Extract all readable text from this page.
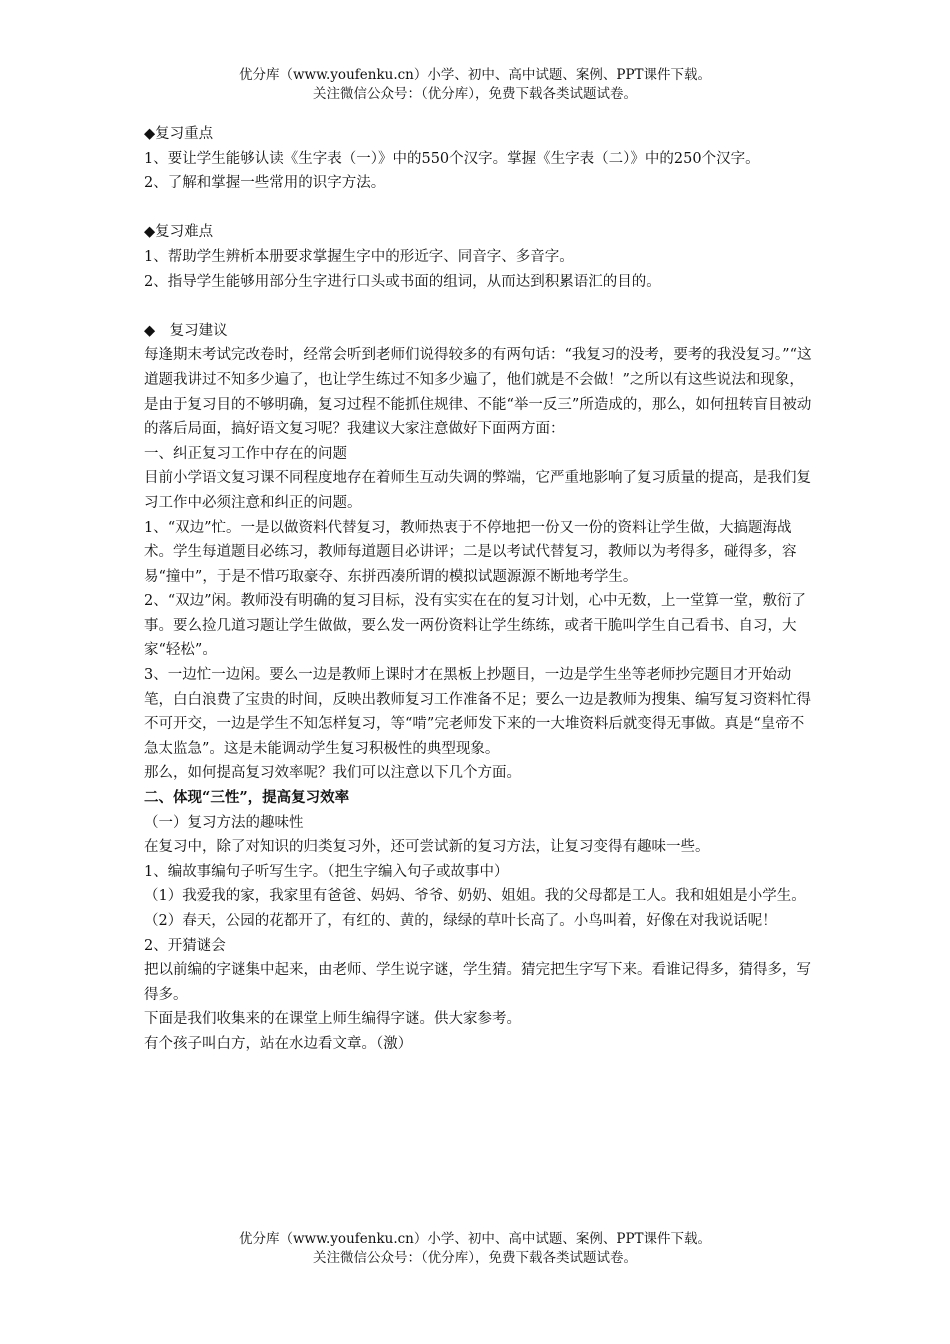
优分库（www.youfenku.cn）小学、初中、高中试题、案例、PPT课件下载。
关注微信公众号：（优分库），免费下载各类试题试卷。

◆复习重点

1、要让学生能够认读《生字表（一）》中的550个汉字。掌握《生字表（二）》中的250个汉字。

2、了解和掌握一些常用的识字方法。

◆复习难点

1、帮助学生辨析本册要求掌握生字中的形近字、同音字、多音字。

2、指导学生能够用部分生字进行口头或书面的组词，从而达到积累语汇的目的。

◆　复习建议

每逢期末考试完改卷时，经常会听到老师们说得较多的有两句话：“我复习的没考，要考的我没复习。”“这道题我讲过不知多少遍了，也让学生练过不知多少遍了，他们就是不会做！”之所以有这些说法和现象，是由于复习目的不够明确，复习过程不能抓住规律、不能“举一反三”所造成的，那么，如何扭转盲目被动的落后局面，搞好语文复习呢？我建议大家注意做好下面两方面：

一、纠正复习工作中存在的问题

目前小学语文复习课不同程度地存在着师生互动失调的弊端，它严重地影响了复习质量的提高，是我们复习工作中必须注意和纠正的问题。

1、“双边”忙。一是以做资料代替复习，教师热衷于不停地把一份又一份的资料让学生做，大搞题海战术。学生每道题目必练习，教师每道题目必讲评；二是以考试代替复习，教师以为考得多，碰得多，容易“撞中”，于是不惜巧取豪夺、东拼西凑所谓的模拟试题源源不断地考学生。

2、“双边”闲。教师没有明确的复习目标，没有实实在在的复习计划，心中无数，上一堂算一堂，敷衍了事。要么捡几道习题让学生做做，要么发一两份资料让学生练练，或者干脆叫学生自己看书、自习，大家“轻松”。

3、一边忙一边闲。要么一边是教师上课时才在黑板上抄题目，一边是学生坐等老师抄完题目才开始动笔，白白浪费了宝贵的时间，反映出教师复习工作准备不足；要么一边是教师为搜集、编写复习资料忙得不可开交，一边是学生不知怎样复习，等“啃”完老师发下来的一大堆资料后就变得无事做。真是“皇帝不急太监急”。这是未能调动学生复习积极性的典型现象。

那么，如何提高复习效率呢？我们可以注意以下几个方面。

二、体现“三性”，提高复习效率

（一）复习方法的趣味性

在复习中，除了对知识的归类复习外，还可尝试新的复习方法，让复习变得有趣味一些。

1、编故事编句子听写生字。（把生字编入句子或故事中）

（1）我爱我的家，我家里有爸爸、妈妈、爷爷、奶奶、姐姐。我的父母都是工人。我和姐姐是小学生。

（2）春天，公园的花都开了，有红的、黄的，绿绿的草叶长高了。小鸟叫着，好像在对我说话呢！

2、开猜谜会

把以前编的字谜集中起来，由老师、学生说字谜，学生猜。猜完把生字写下来。看谁记得多，猜得多，写得多。

下面是我们收集来的在课堂上师生编得字谜。供大家参考。

有个孩子叫白方，站在水边看文章。（激）

优分库（www.youfenku.cn）小学、初中、高中试题、案例、PPT课件下载。
关注微信公众号：（优分库），免费下载各类试题试卷。
